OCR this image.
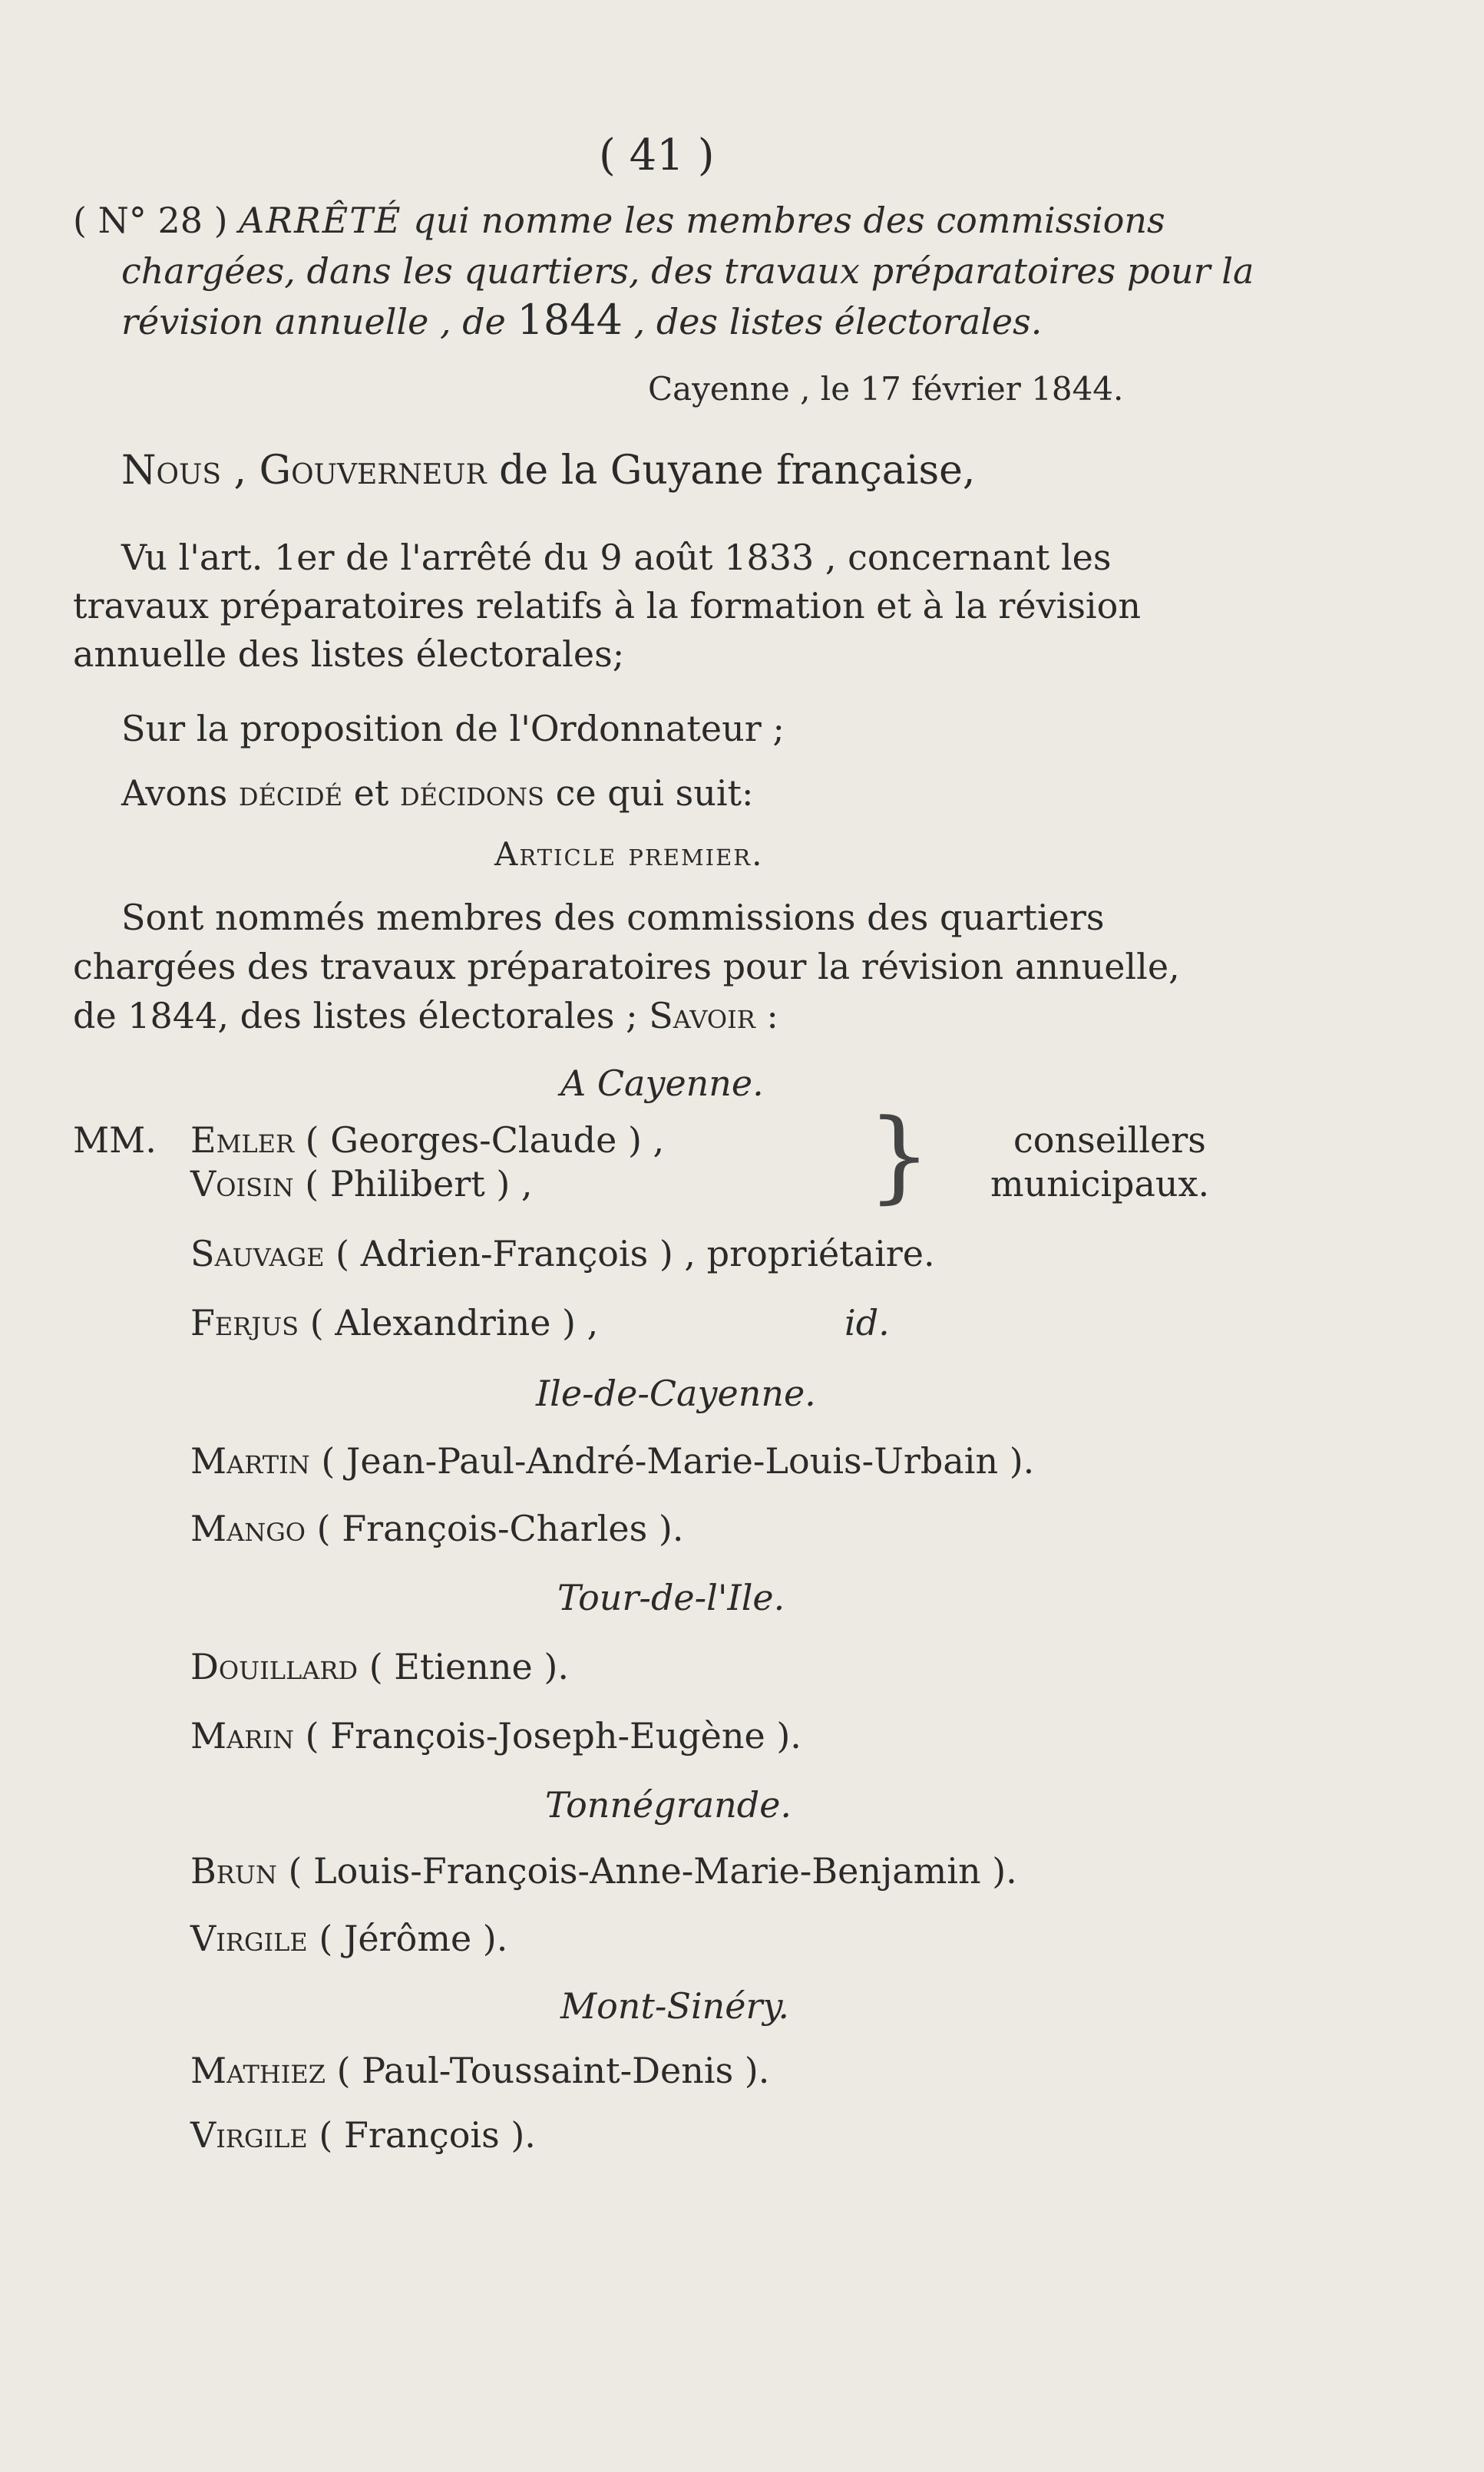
( 41 )
( N° 28 ) ARRÊTÉ qui nomme les membres des commissions
chargées, dans les quartiers, des travaux préparatoires pour la
révision annuelle , de 1844 , des listes électorales.
Cayenne , le 17 février 1844.
Nous , Gouverneur de la Guyane française,
Vu l'art. 1er de l'arrêté du 9 août 1833 , concernant les
travaux préparatoires relatifs à la formation et à la révision
annuelle des listes électorales;
Sur la proposition de l'Ordonnateur ;
Avons décidé et décidons ce qui suit:
Article premier.
Sont nommés membres des commissions des quartiers
chargées des travaux préparatoires pour la révision annuelle,
de 1844, des listes électorales ; Savoir :
A Cayenne.
MM. Emler ( Georges-Claude ) ,
Voisin ( Philibert ) ,	} conseillers
municipaux.
Sauvage ( Adrien-François ) , propriétaire.
Ferjus ( Alexandrine ) ,	id.
Ile-de-Cayenne.
Martin ( Jean-Paul-André-Marie-Louis-Urbain ).
Mango ( François-Charles ).
Tour-de-l'Ile.
Douillard ( Etienne ).
Marin ( François-Joseph-Eugène ).
Tonnégrande.
Brun ( Louis-François-Anne-Marie-Benjamin ).
Virgile ( Jérôme ).
Mont-Sinéry.
Mathiez ( Paul-Toussaint-Denis ).
Virgile ( François ).
